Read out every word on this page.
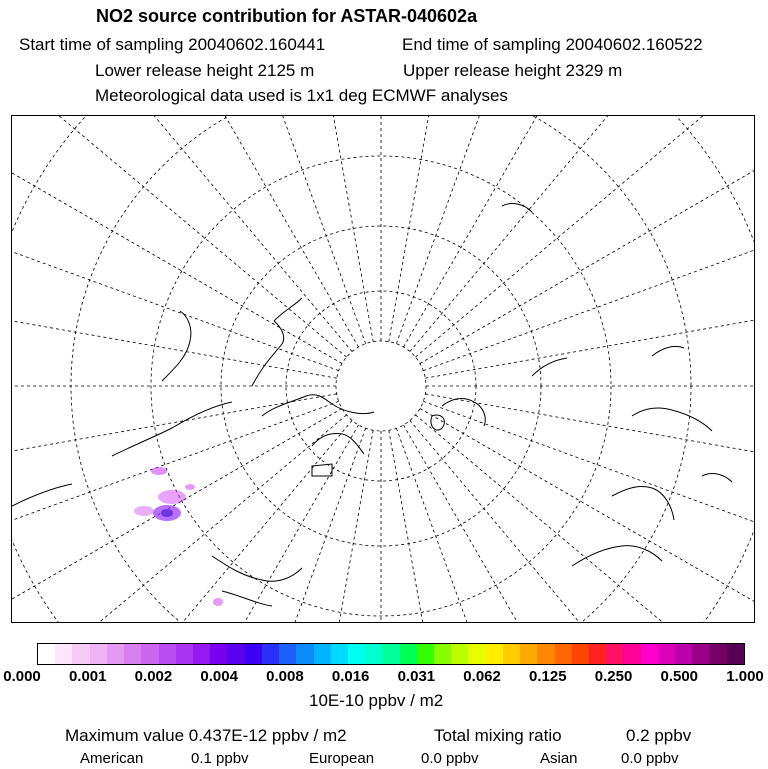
NO2 source contribution for ASTAR-040602a
Start time of sampling 20040602.160441	End time of sampling 20040602.160522
Lower release height 2125 m	Upper release height 2329 m
Meteorological data used is 1x1 deg ECMWF analyses
0.000 0.001 0.002 0.004 0.008 0.016 0.031 0.062 0.125 0.250 0.500 1.000
10E-10 ppbv / m2
Maximum value 0.437E-12 ppbv / m2	Total mixing ratio	0.2 ppbv
American	0.1 ppbv	European	0.0 ppbv	Asian	0.0 ppbv
